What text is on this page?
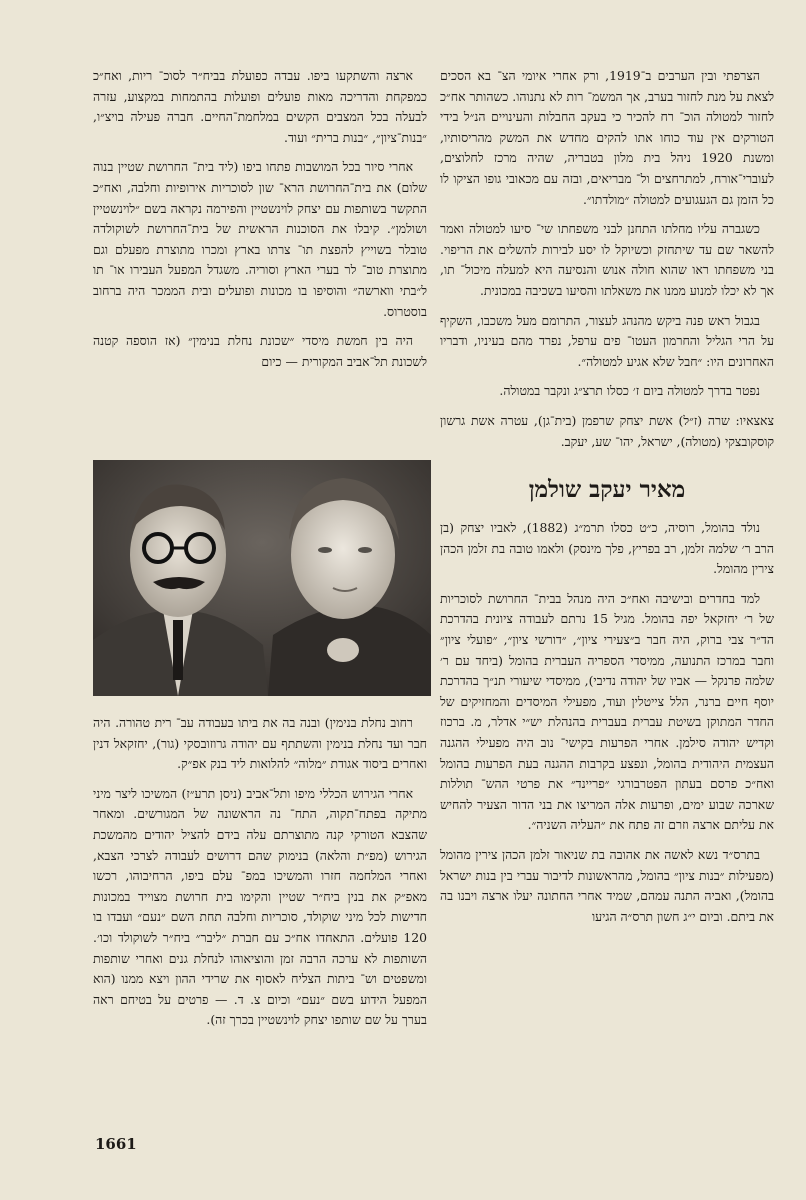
הצרפתי ובין הערבים ב־1919, ורק אחרי איומי הצ־ בא הסכים לצאת על מנת לחזור בערב, אך המשמ־ רות לא נתנוהו. כשהותר אח״כ לחזור למטולה הוכ־ רח להכיר כי בעקב החבלות והעינויים הנ״ל בידי הטורקים אין עוד כוחו אתו להקים מחדש את המשק מהריסותיו, ומשנת 1920 ניהל בית מלון בטבריה, שהיה מרכז לחלוצים, לעוברי־אורח, למתרחצים ול־ מבריאים, ובזה עם מכאובי גופו הציקו לו כל הזמן גם הגעגועים למטולה ״מולדתו״.

כשגברה עליו מחלתו התחנן לבני משפחתו שי־ סיעו למטולה ואמר להשאר שם עד שיתחזק וכשיוקל לו יסע לבירות להשלים את הריפוי. בני משפחתו ראו שהוא חולה אנוש והנסיעה היא למעלה מיכול־ תו, אך לא יכלו למנוע ממנו את משאלתו והסיעו בשכיבה במכונית.

בגבול ראש פנה ביקש מהנהג לעצור, התרומם מעל משכבו, השקיף על הרי הגליל והחרמון העטו־ פים ערפל, נפרד מהם בעיניו, ודבריו האחרונים היו: ״חבל שלא אגיע למטולה״.

נפטר בדרך למטולה ביום ז׳ כסלו תרצ״ג ונקבר במטולה.

צאצאיו: שרה (ז״ל) אשת יצחק שרפמן (בית־גן), עטרה אשת גרשון קוסקובצקי (מטולה), ישראל, יהו־ שע, יעקב.

מאיר יעקב שולמן

נולד בהומל, רוסיה, כ״ט כסלו תרמ״ג (1882), לאביו יצחק (בן הרב ר׳ שלמה זלמן, רב בפריץ, פלך מינסק) ולאמו טובה בת זלמן הכהן צירין מהומל.

למד בחדרים ובישיבה ואח״כ היה מנהל בבית־ החרושת לסוכריות של ר׳ יחזקאל יפה בהומל. מגיל 15 נרתם לעבודה ציונית בהדרכת הד״ר צבי ברוק, היה חבר ב״צעירי ציון״, ״דורשי ציון״, ״פועלי ציון״ וחבר במרכז התנועה, ממיסדי הספריה העברית בהומל (ביחד עם ר׳ שלמה פרנקל — אביו של יהודה נדיבי), ממיסדי שיעורי תנ״ך בהדרכת יוסף חיים ברנר, הלל צייטלין ועוד, מפעילי המיסדים והמחזיקים של החדר המתוקן בשיטת עברית בעברית בהנהלת יש״י אדלר, מ. ברכוז וקדיש יהודה סילמן. אחרי הפרעות בקישי־ נוב היה מפעילי ההגנה העצמית היהודית בהומל, ונפצע בקרבות ההגנה בעת הפרעות בהומל ואח״כ פרסם בעתון הפטרבורגי ״פריינד״ את פרטי ההש־ תוללות שארכה שבוע ימים, ופרעות אלה המריצו את בני הדור הצעיר להחיש את עליתם ארצה וזרם זה פתח את ״העליה השניה״.

בתרס״ד נשא לאשה את אהובה בת שניאור זלמן הכהן צירין מהומל (מפעילות ״בנות ציון״ בהומל, מהראשונות לדיבור עברי בין בנות ישראל בהומל), ואביה התנה עמהם, שמיד אחרי החתונה יעלו ארצה ויבנו בה את ביתם. וביום י״ג חשון תרס״ה הגיעו

ארצה והשתקעו ביפו. עבדה כפועלת בביח״ר לסוכ־ ריות, ואח״כ כמפקחת והדריכה מאות פועלים ופועלות בהתמחות במקצוע, עזרה לבעלה בכל המצבים הקשים במלחמת־החיים. חברה פעילה בויצ״ו, ״בנות־ציון״, ״בנות ברית״ ועוד.

אחרי סיור בכל המושבות פתחו ביפו (ליד בית־ החרושת שטיין בנוה שלום) את בית־החרושת הרא־ שון לסוכריות אירופיות וחלבה, ואח״כ התקשר בשותפות עם יצחק לוינשטיין והפירמה נקראה בשם ״לוינשטיין ושולמן״. קיבלו את הסוכנות הראשית של בית־החרושת לשוקולדה טובלר בשוייץ להפצת תו־ צרתו בארץ ומכרו מתוצרת מפעלם וגם מתוצרת טוב־ לר בערי הארץ וסוריה. משגדל המפעל העבירו או־ תו ל״בתי ווארשה״ והוסיפו בו מכונות ופועלים ובית הממכר היה ברחוב בוסטרוס.

היה בין חמשת מיסדי ״שכונת נחלת בנימין״ (אז הוספה קטנה לשכונת תל־אביב המקורית — כיום

רחוב נחלת בנימין) ובנה בה את ביתו בעבודה עב־ רית טהורה. היה חבר ועד נחלת בנימין והשתתף עם יהודה גרוזובסקי (גור), יחזקאל דנין ואחרים ביסוד אגודת ״מלוה״ להלואות ליד בנק אפ״ק.

אחרי הגירוש הכללי מיפו ותל־אביב (ניסן תרע״ז) המשיכו ליצר מיני מתיקה בפתח־תקוה, התח־ נה הראשונה של המגורשים. ומאחר שהצבא הטורקי קנה מתוצרתם עלה בידם להציל יהודים מהמשכת הגירוש (מפ״ת והלאה) בנימוק שהם דרושים לעבודה לצרכי הצבא, ואחרי המלחמה חזרו והמשיכו במפ־ עלם ביפו, הרחיבוהו, רכשו מאפ״ק את בנין ביח״ר שטיין והקימו בית חרושת מצוייד במכונות חדישות לכל מיני שוקולד, סוכריות וחלבה תחת השם ״נעם״ ועבדו בו 120 פועלים. התאחדו אח״כ עם חברת ״ליבר״ ביח״ר לשוקולד וכו׳. השותפות לא ערכה הרבה זמן והוציאוהו לנחלת גנים ואחרי שותפות ומשפטים וש־ ביתות הצליח לאסוף את שרידי ההון ויצא ממנו (הוא המפעל הידוע בשם ״נעם״ וכיום צ. ד. — פרטים על בטיחם ראה בערך על שם שותפו יצחק לוינשטיין בכרך זה).

1661
